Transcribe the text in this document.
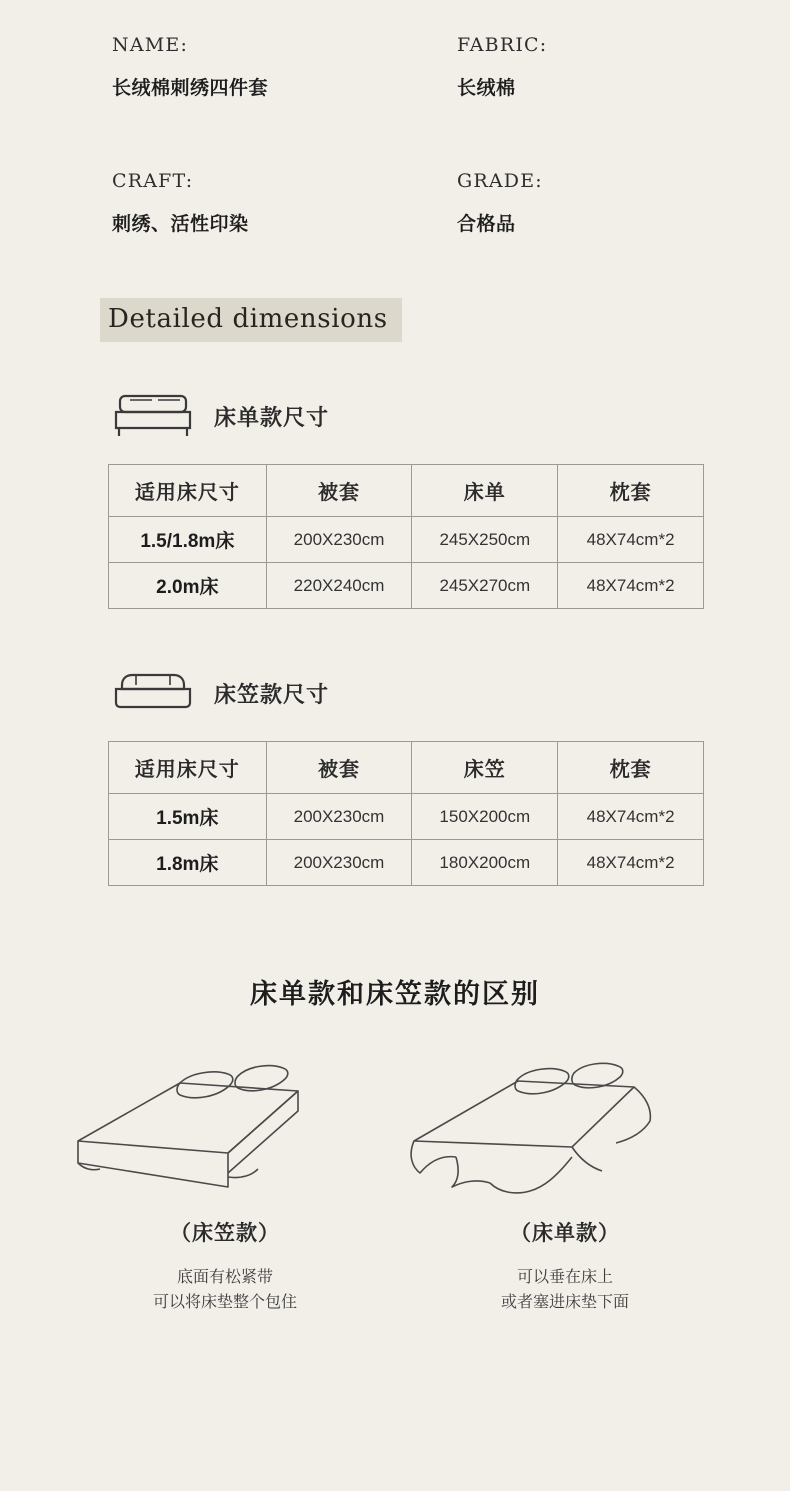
NAME:
长绒棉刺绣四件套
FABRIC:
长绒棉
CRAFT:
刺绣、活性印染
GRADE:
合格品
Detailed dimensions
床单款尺寸
适用床尺寸	被套	床单	枕套
1.5/1.8m床	200X230cm	245X250cm	48X74cm*2
2.0m床	220X240cm	245X270cm	48X74cm*2
床笠款尺寸
适用床尺寸	被套	床笠	枕套
1.5m床	200X230cm	150X200cm	48X74cm*2
1.8m床	200X230cm	180X200cm	48X74cm*2
床单款和床笠款的区别
（床笠款）
底面有松紧带
可以将床垫整个包住
（床单款）
可以垂在床上
或者塞进床垫下面
